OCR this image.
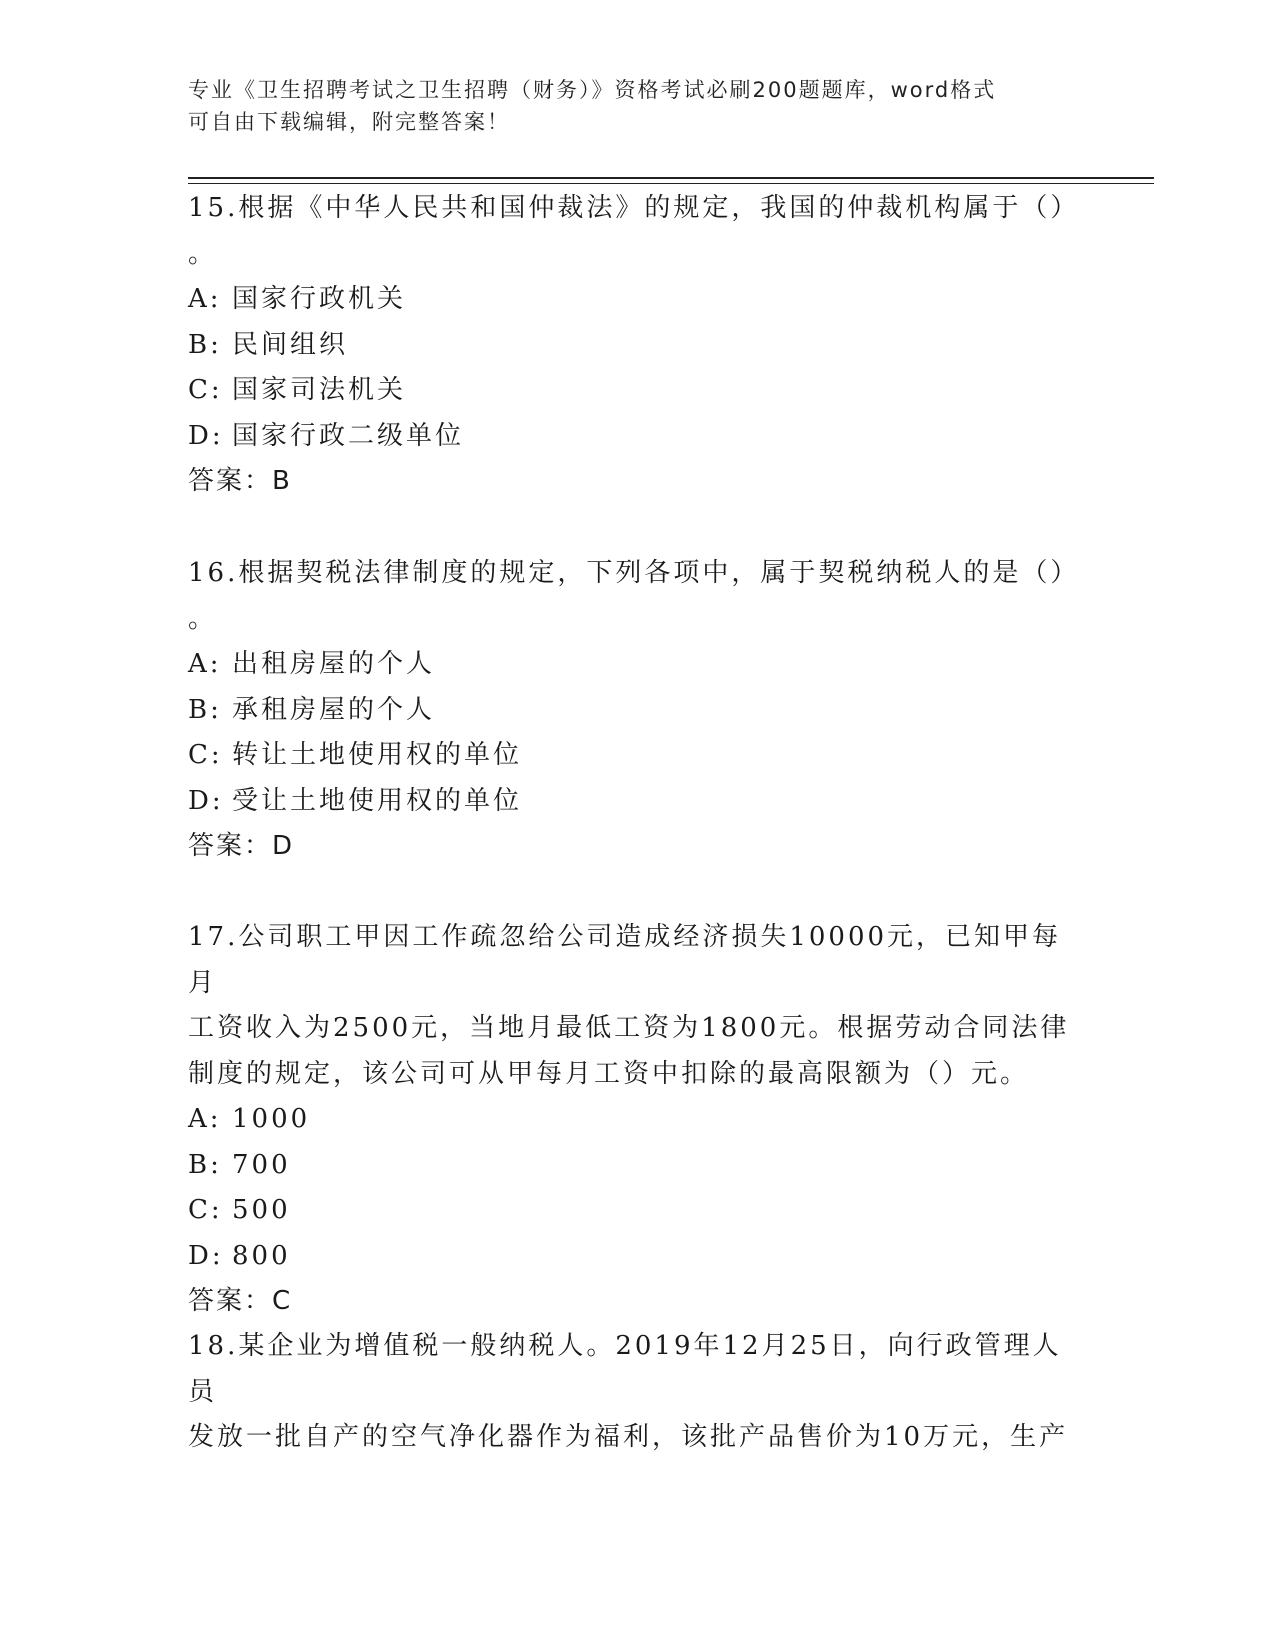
专业《卫生招聘考试之卫生招聘（财务）》资格考试必刷200题题库，word格式

可自由下载编辑，附完整答案！

15.根据《中华人民共和国仲裁法》的规定，我国的仲裁机构属于（）

。

A: 国家行政机关

B: 民间组织

C: 国家司法机关

D: 国家行政二级单位

答案：B

16.根据契税法律制度的规定，下列各项中，属于契税纳税人的是（）

。

A: 出租房屋的个人

B: 承租房屋的个人

C: 转让土地使用权的单位

D: 受让土地使用权的单位

答案：D

17.公司职工甲因工作疏忽给公司造成经济损失10000元，已知甲每月

工资收入为2500元，当地月最低工资为1800元。根据劳动合同法律

制度的规定，该公司可从甲每月工资中扣除的最高限额为（）元。

A: 1000

B: 700

C: 500

D: 800

答案：C

18.某企业为增值税一般纳税人。2019年12月25日，向行政管理人员

发放一批自产的空气净化器作为福利，该批产品售价为10万元，生产
